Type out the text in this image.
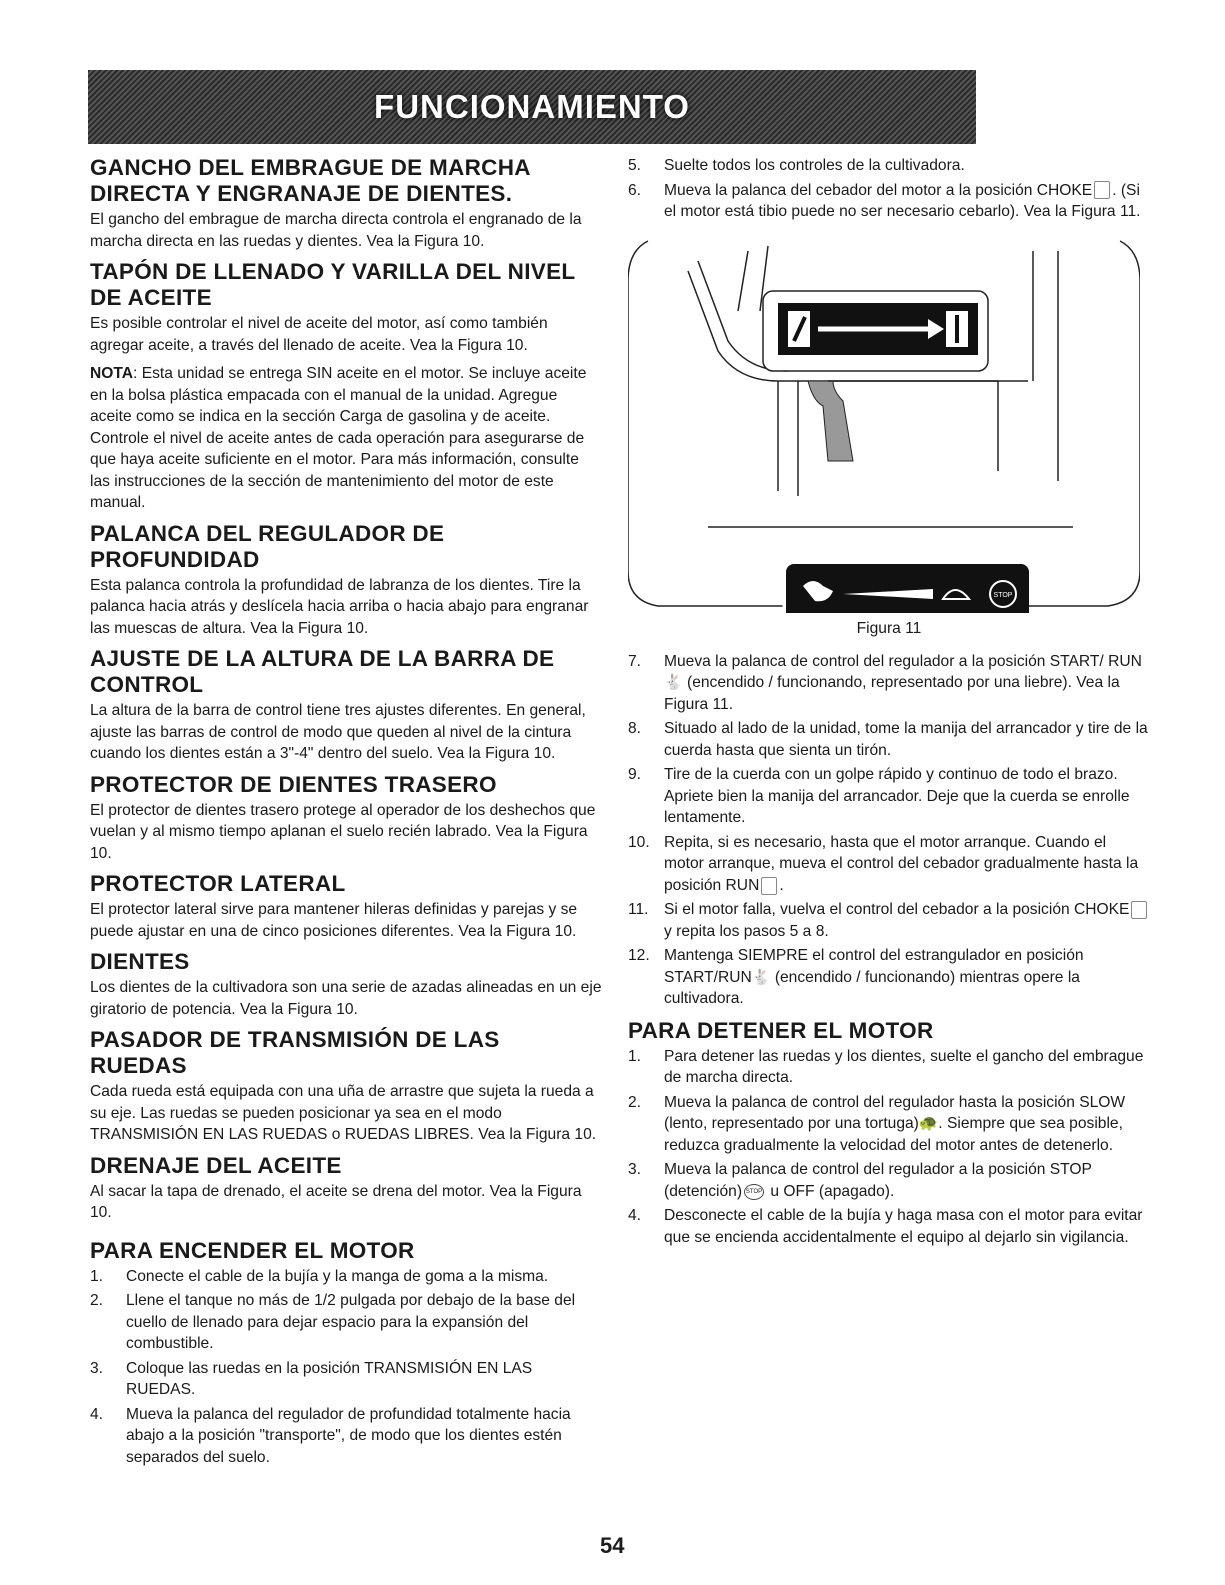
FUNCIONAMIENTO
GANCHO DEL EMBRAGUE DE MARCHA DIRECTA Y ENGRANAJE DE DIENTES.

El gancho del embrague de marcha directa controla el engranado de la marcha directa en las ruedas y dientes. Vea la Figura 10.

TAPÓN DE LLENADO Y VARILLA DEL NIVEL DE ACEITE

Es posible controlar el nivel de aceite del motor, así como también agregar aceite, a través del llenado de aceite. Vea la Figura 10.

NOTA: Esta unidad se entrega SIN aceite en el motor. Se incluye aceite en la bolsa plástica empacada con el manual de la unidad. Agregue aceite como se indica en la sección Carga de gasolina y de aceite. Controle el nivel de aceite antes de cada operación para asegurarse de que haya aceite suficiente en el motor. Para más información, consulte las instrucciones de la sección de mantenimiento del motor de este manual.

PALANCA DEL REGULADOR DE PROFUNDIDAD

Esta palanca controla la profundidad de labranza de los dientes. Tire la palanca hacia atrás y deslícela hacia arriba o hacia abajo para engranar las muescas de altura. Vea la Figura 10.

AJUSTE DE LA ALTURA DE LA BARRA DE CONTROL

La altura de la barra de control tiene tres ajustes diferentes. En general, ajuste las barras de control de modo que queden al nivel de la cintura cuando los dientes están a 3"-4" dentro del suelo. Vea la Figura 10.

PROTECTOR DE DIENTES TRASERO

El protector de dientes trasero protege al operador de los deshechos que vuelan y al mismo tiempo aplanan el suelo recién labrado. Vea la Figura 10.

PROTECTOR LATERAL

El protector lateral sirve para mantener hileras definidas y parejas y se puede ajustar en una de cinco posiciones diferentes. Vea la Figura 10.

DIENTES

Los dientes de la cultivadora son una serie de azadas alineadas en un eje giratorio de potencia. Vea la Figura 10.

PASADOR DE TRANSMISIÓN DE LAS RUEDAS

Cada rueda está equipada con una uña de arrastre que sujeta la rueda a su eje. Las ruedas se pueden posicionar ya sea en el modo TRANSMISIÓN EN LAS RUEDAS o RUEDAS LIBRES. Vea la Figura 10.

DRENAJE DEL ACEITE

Al sacar la tapa de drenado, el aceite se drena del motor. Vea la Figura 10.

PARA ENCENDER EL MOTOR
1. Conecte el cable de la bujía y la manga de goma a la misma.
2. Llene el tanque no más de 1/2 pulgada por debajo de la base del cuello de llenado para dejar espacio para la expansión del combustible.
3. Coloque las ruedas en la posición TRANSMISIÓN EN LAS RUEDAS.
4. Mueva la palanca del regulador de profundidad totalmente hacia abajo a la posición "transporte", de modo que los dientes estén separados del suelo.
5. Suelte todos los controles de la cultivadora.
6. Mueva la palanca del cebador del motor a la posición CHOKE . (Si el motor está tibio puede no ser necesario cebarlo). Vea la Figura 11.
STOP
Figura 11
7. Mueva la palanca de control del regulador a la posición START/ RUN🐇 (encendido / funcionando, representado por una liebre). Vea la Figura 11.
8. Situado al lado de la unidad, tome la manija del arrancador y tire de la cuerda hasta que sienta un tirón.
9. Tire de la cuerda con un golpe rápido y continuo de todo el brazo. Apriete bien la manija del arrancador. Deje que la cuerda se enrolle lentamente.
10. Repita, si es necesario, hasta que el motor arranque. Cuando el motor arranque, mueva el control del cebador gradualmente hasta la posición RUN .
11. Si el motor falla, vuelva el control del cebador a la posición CHOKE y repita los pasos 5 a 8.
12. Mantenga SIEMPRE el control del estrangulador en posición START/RUN🐇 (encendido / funcionando) mientras opere la cultivadora.
PARA DETENER EL MOTOR
1. Para detener las ruedas y los dientes, suelte el gancho del embrague de marcha directa.
2. Mueva la palanca de control del regulador hasta la posición SLOW (lento, representado por una tortuga)🐢. Siempre que sea posible, reduzca gradualmente la velocidad del motor antes de detenerlo.
3. Mueva la palanca de control del regulador a la posición STOP (detención) STOP u OFF (apagado).
4. Desconecte el cable de la bujía y haga masa con el motor para evitar que se encienda accidentalmente el equipo al dejarlo sin vigilancia.
54
